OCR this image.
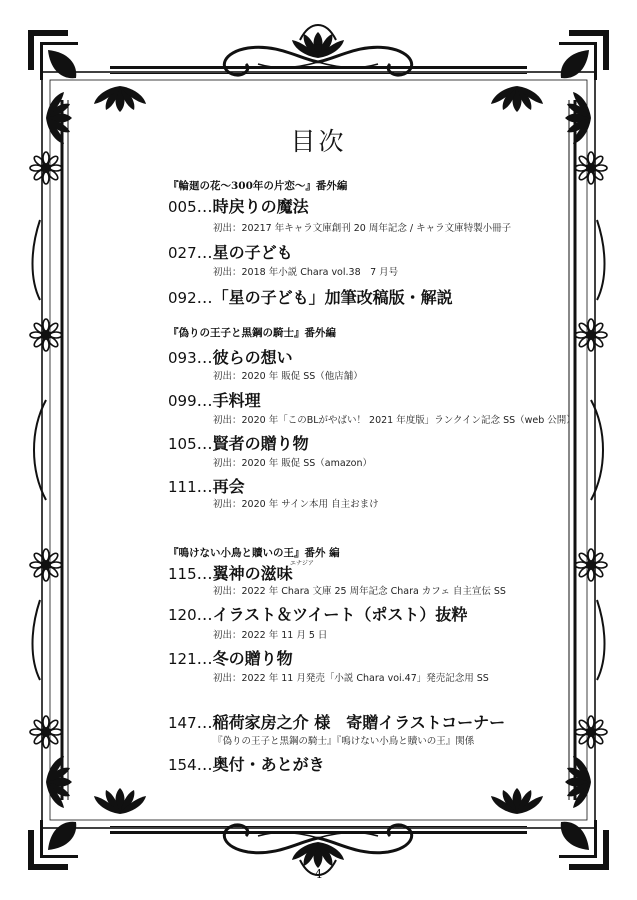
目次
『輪廻の花〜300年の片恋〜』番外編
005…時戻りの魔法
初出：20217 年キャラ文庫創刊 20 周年記念 / キャラ文庫特製小冊子
027…星の子ども
初出：2018 年小説 Chara vol.38　7 月号
092…「星の子ども」加筆改稿版・解説
『偽りの王子と黒鋼の騎士』番外編
093…彼らの想い
初出：2020 年 販促 SS（他店舗）
099…手料理
初出：2020 年「このBLがやばい！ 2021 年度版」ランクイン記念 SS（web 公開）
105…賢者の贈り物
初出：2020 年 販促 SS（amazon）
111…再会
初出：2020 年 サイン本用 自主おまけ
『鳴けない小鳥と贖いの王』番外 編
エナジア
115…翼神の滋味
初出：2022 年 Chara 文庫 25 周年記念 Chara カフェ 自主宣伝 SS
120…イラスト＆ツイート（ポスト）抜粋
初出：2022 年 11 月 5 日
121…冬の贈り物
初出：2022 年 11 月発売「小説 Chara voi.47」発売記念用 SS
147…稲荷家房之介 様　寄贈イラストコーナー
『偽りの王子と黒鋼の騎士』『鳴けない小鳥と贖いの王』関係
154…奥付・あとがき
4
